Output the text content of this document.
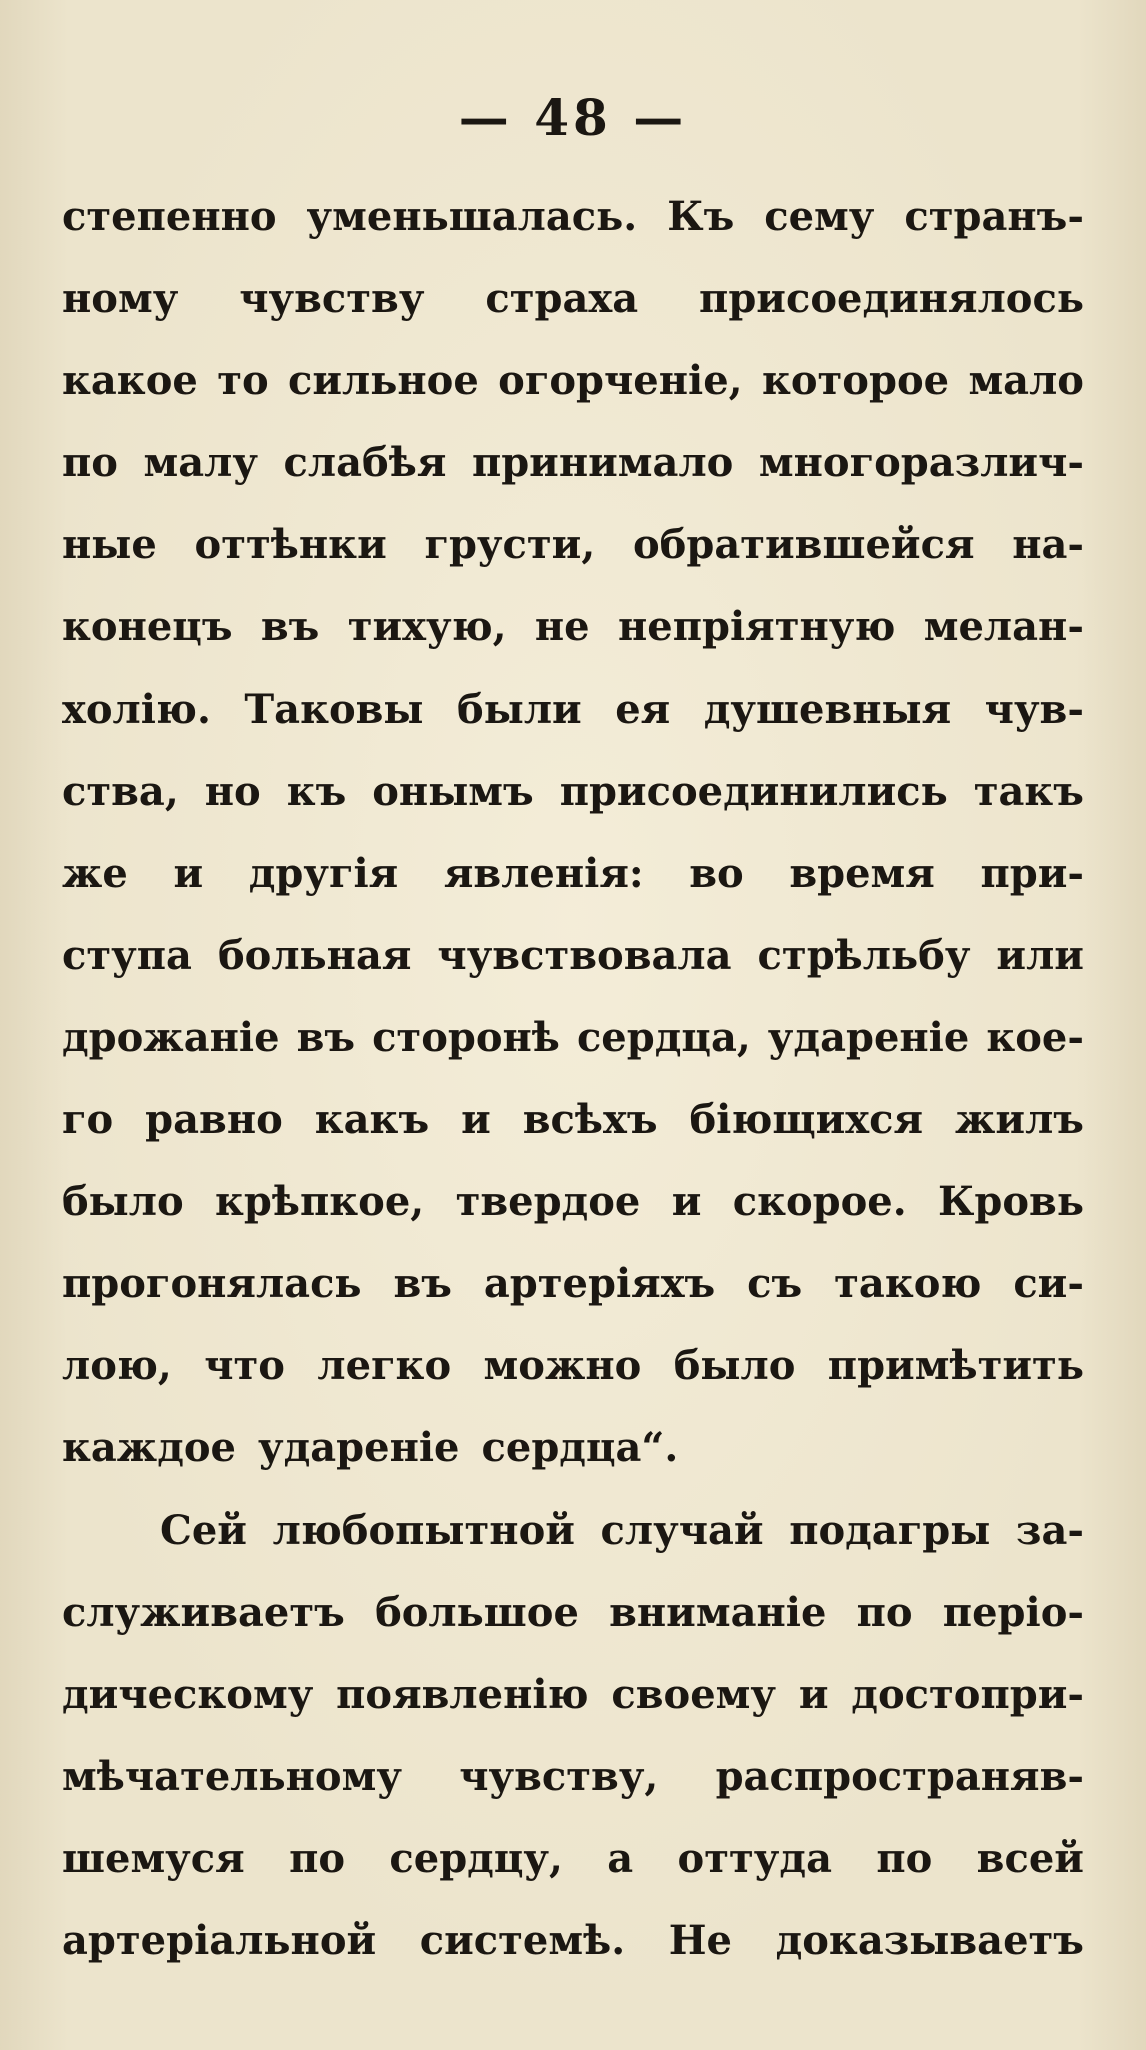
— 48 —
степенно уменьшалась. Къ сему странъ-
ному чувству страха присоединялось
какое то сильное огорченіе, которое мало
по малу слабѣя принимало многоразлич-
ные оттѣнки грусти, обратившейся на-
конецъ въ тихую, не непріятную мелан-
холію. Таковы были ея душевныя чув-
ства, но къ онымъ присоединились такъ
же и другія явленія: во время при-
ступа больная чувствовала стрѣльбу или
дрожаніе въ сторонѣ сердца, удареніе кое-
го равно какъ и всѣхъ біющихся жилъ
было крѣпкое, твердое и скорое. Кровь
прогонялась въ артеріяхъ съ такою си-
лою, что легко можно было примѣтить
каждое удареніе сердца“.
Сей любопытной случай подагры за-
служиваетъ большое вниманіе по періо-
дическому появленію своему и достопри-
мѣчательному чувству, распространяв-
шемуся по сердцу, а оттуда по всей
артеріальной системѣ. Не доказываетъ
